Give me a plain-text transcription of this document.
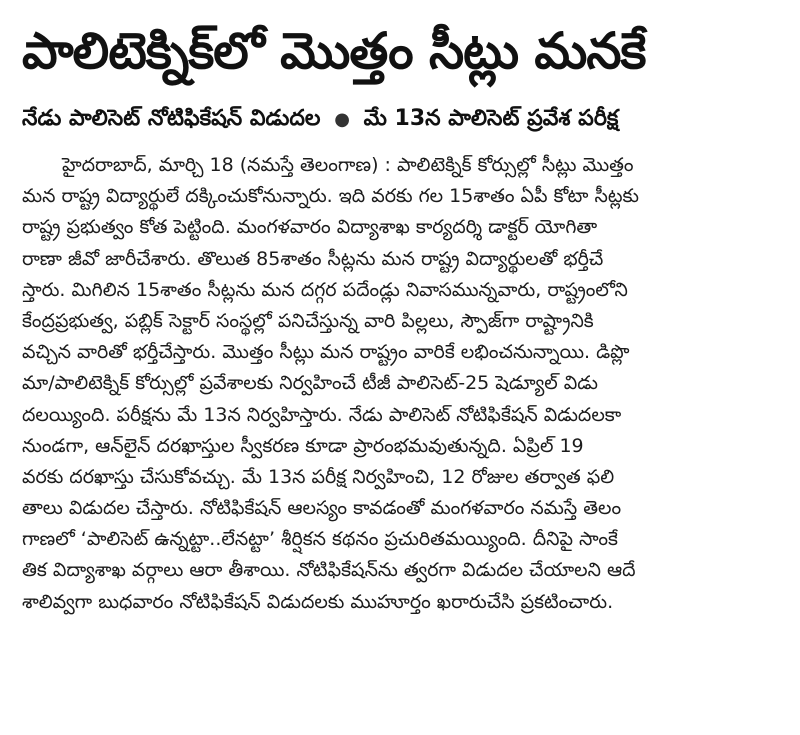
పాలిటెక్నిక్‌లో మొత్తం సీట్లు మనకే
నేడు పాలిసెట్ నోటిఫికేషన్ విడుదల ● మే 13న పాలిసెట్ ప్రవేశ పరీక్ష
హైదరాబాద్, మార్చి 18 (నమస్తే తెలంగాణ) : పాలిటెక్నిక్ కోర్సుల్లో సీట్లు మొత్తం
మన రాష్ట్ర విద్యార్థులే దక్కించుకోనున్నారు. ఇది వరకు గల 15శాతం ఏపీ కోటా సీట్లకు
రాష్ట్ర ప్రభుత్వం కోత పెట్టింది. మంగళవారం విద్యాశాఖ కార్యదర్శి డాక్టర్ యోగితా
రాణా జీవో జారీచేశారు. తొలుత 85శాతం సీట్లను మన రాష్ట్ర విద్యార్థులతో భర్తీచే
స్తారు. మిగిలిన 15శాతం సీట్లను మన దగ్గర పదేండ్లు నివాసమున్నవారు, రాష్ట్రంలోని
కేంద్రప్రభుత్వ, పబ్లిక్ సెక్టార్ సంస్థల్లో పనిచేస్తున్న వారి పిల్లలు, స్పౌజ్‌గా రాష్ట్రానికి
వచ్చిన వారితో భర్తీచేస్తారు. మొత్తం సీట్లు మన రాష్ట్రం వారికే లభించనున్నాయి. డిప్లొ
మా/పాలిటెక్నిక్ కోర్సుల్లో ప్రవేశాలకు నిర్వహించే టీజీ పాలిసెట్-25 షెడ్యూల్ విడు
దలయ్యింది. పరీక్షను మే 13న నిర్వహిస్తారు. నేడు పాలిసెట్ నోటిఫికేషన్ విడుదలకా
నుండగా, ఆన్‌లైన్ దరఖాస్తుల స్వీకరణ కూడా ప్రారంభమవుతున్నది. ఏప్రిల్ 19
వరకు దరఖాస్తు చేసుకోవచ్చు. మే 13న పరీక్ష నిర్వహించి, 12 రోజుల తర్వాత ఫలి
తాలు విడుదల చేస్తారు. నోటిఫికేషన్ ఆలస్యం కావడంతో మంగళవారం నమస్తే తెలం
గాణలో ‘పాలిసెట్ ఉన్నట్టా..లేనట్టా’ శీర్షికన కథనం ప్రచురితమయ్యింది. దీనిపై సాంకే
తిక విద్యాశాఖ వర్గాలు ఆరా తీశాయి. నోటిఫికేషన్‌ను త్వరగా విడుదల చేయాలని ఆదే
శాలివ్వగా బుధవారం నోటిఫికేషన్ విడుదలకు ముహూర్తం ఖరారుచేసి ప్రకటించారు.
